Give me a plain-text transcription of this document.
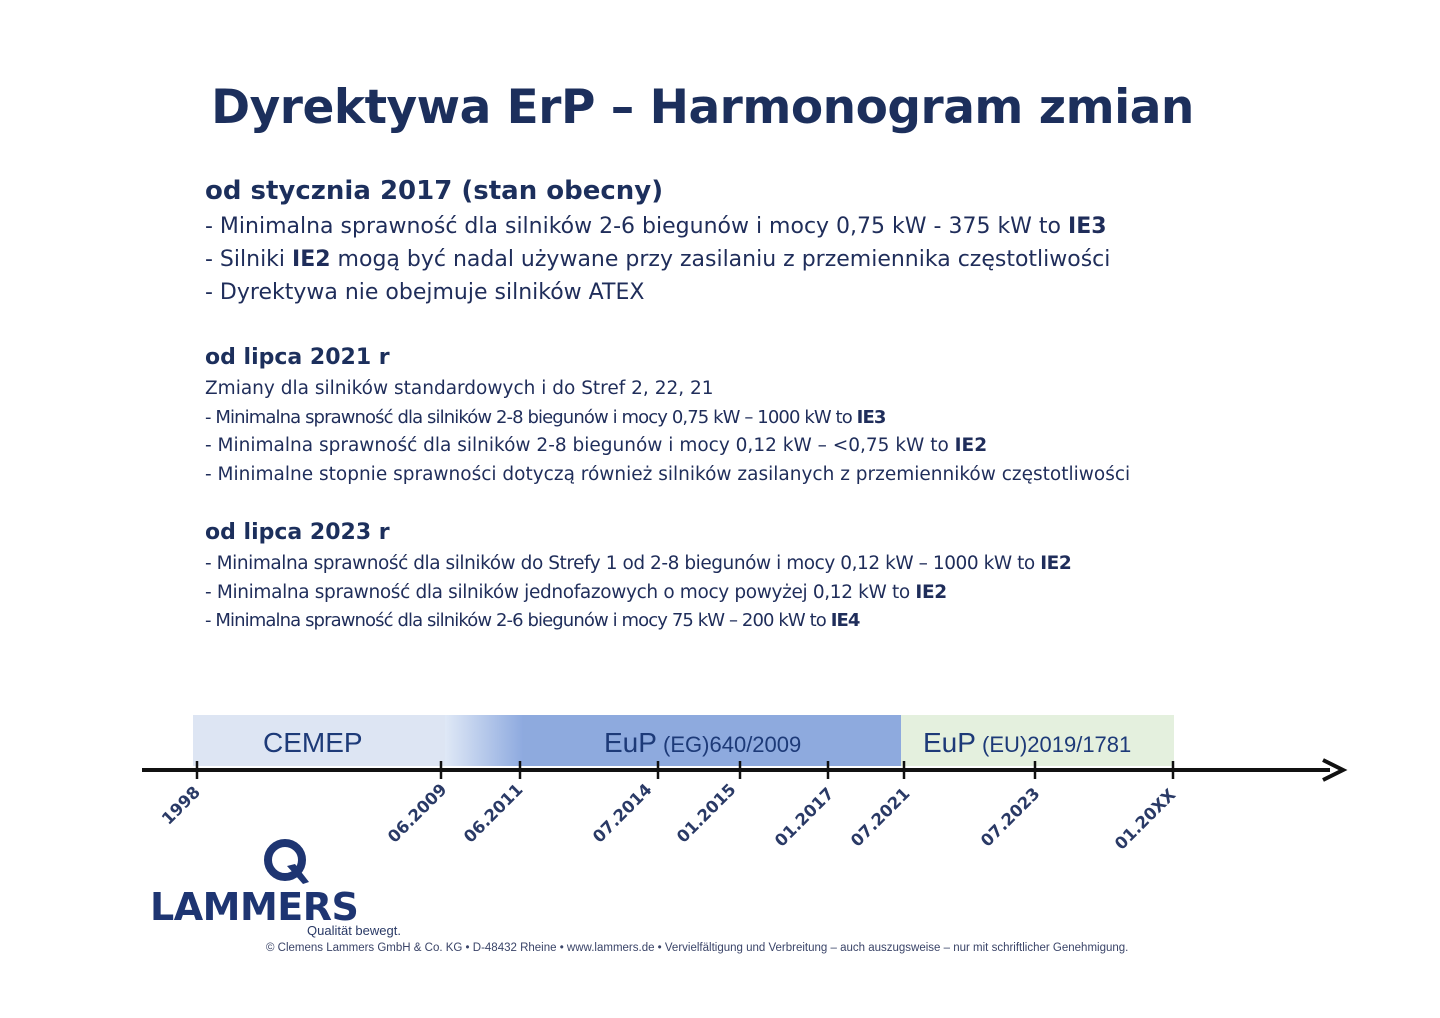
Dyrektywa ErP – Harmonogram zmian
od stycznia 2017 (stan obecny)
- Minimalna sprawność dla silników 2-6 biegunów i mocy 0,75 kW - 375 kW to IE3
- Silniki IE2 mogą być nadal używane przy zasilaniu z przemiennika częstotliwości
- Dyrektywa nie obejmuje silników ATEX
od lipca 2021 r
Zmiany dla silników standardowych i do Stref 2, 22, 21
- Minimalna sprawność dla silników 2-8 biegunów i mocy 0,75 kW – 1000 kW to IE3
- Minimalna sprawność dla silników 2-8 biegunów i mocy 0,12 kW – <0,75 kW to IE2
- Minimalne stopnie sprawności dotyczą również silników zasilanych z przemienników częstotliwości
od lipca 2023 r
- Minimalna sprawność dla silników do Strefy 1 od 2-8 biegunów i mocy 0,12 kW – 1000 kW to IE2
- Minimalna sprawność dla silników jednofazowych o mocy powyżej 0,12 kW to IE2
- Minimalna sprawność dla silników 2-6 biegunów i mocy 75 kW – 200 kW to IE4
CEMEP	EuP (EG)640/2009	EuP (EU)2019/1781
1998	06.2009 06.2011	07.2014 01.2015 01.2017 07.2021	07.2023	01.20XX
LAMMERS
Qualität bewegt.
© Clemens Lammers GmbH & Co. KG • D-48432 Rheine • www.lammers.de • Vervielfältigung und Verbreitung – auch auszugsweise – nur mit schriftlicher Genehmigung.
